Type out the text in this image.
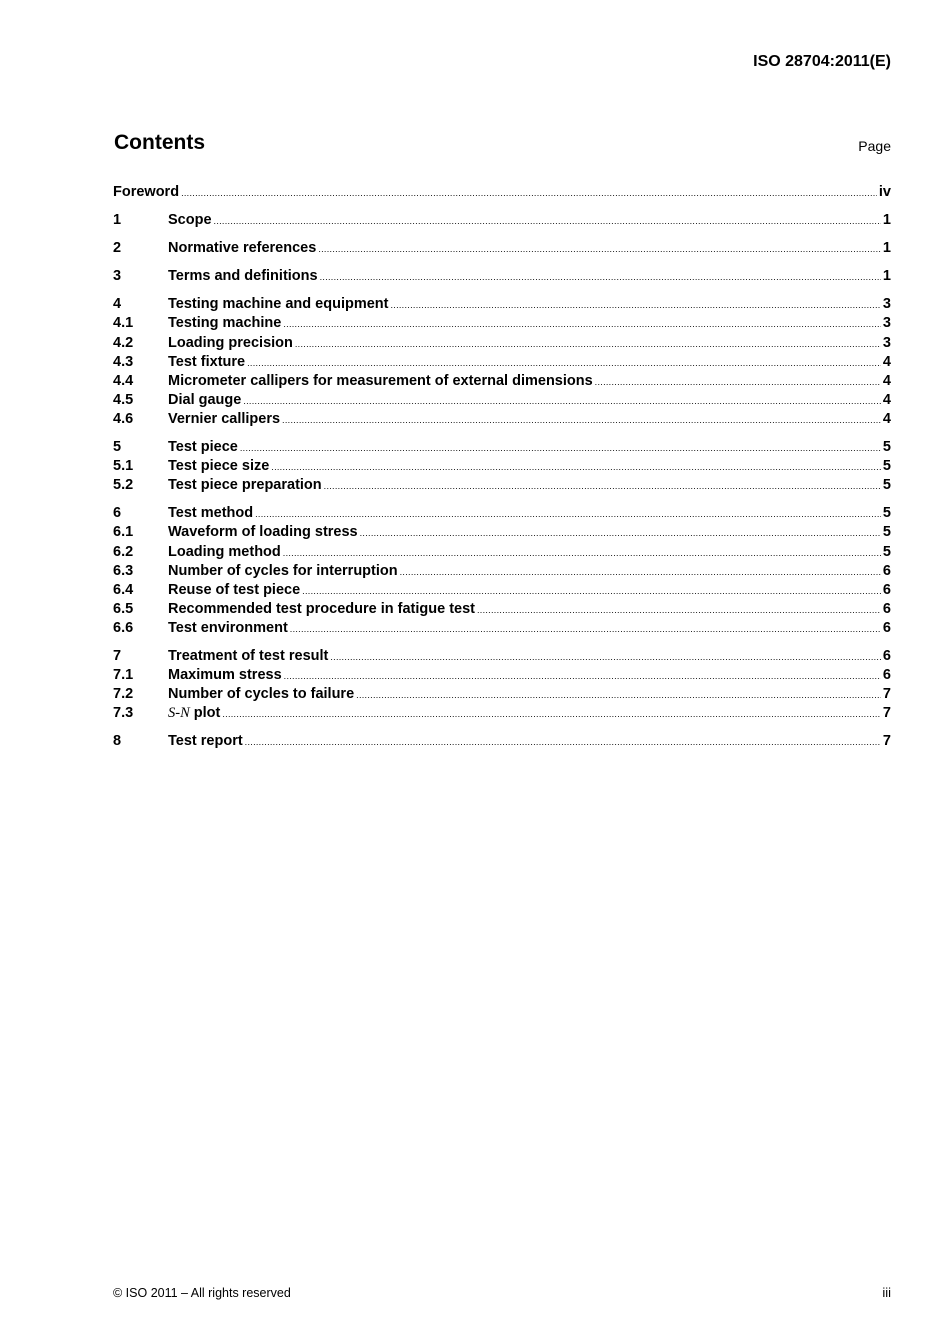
ISO 28704:2011(E)
Contents	Page
Foreword .....	iv
1	Scope .....	1
2	Normative references .....	1
3	Terms and definitions .....	1
4	Testing machine and equipment .....	3
4.1	Testing machine .....	3
4.2	Loading precision .....	3
4.3	Test fixture .....	4
4.4	Micrometer callipers for measurement of external dimensions .....	4
4.5	Dial gauge .....	4
4.6	Vernier callipers .....	4
5	Test piece .....	5
5.1	Test piece size .....	5
5.2	Test piece preparation .....	5
6	Test method .....	5
6.1	Waveform of loading stress .....	5
6.2	Loading method .....	5
6.3	Number of cycles for interruption .....	6
6.4	Reuse of test piece .....	6
6.5	Recommended test procedure in fatigue test .....	6
6.6	Test environment .....	6
7	Treatment of test result .....	6
7.1	Maximum stress .....	6
7.2	Number of cycles to failure .....	7
7.3	S-N plot .....	7
8	Test report .....	7
© ISO 2011 – All rights reserved	iii
